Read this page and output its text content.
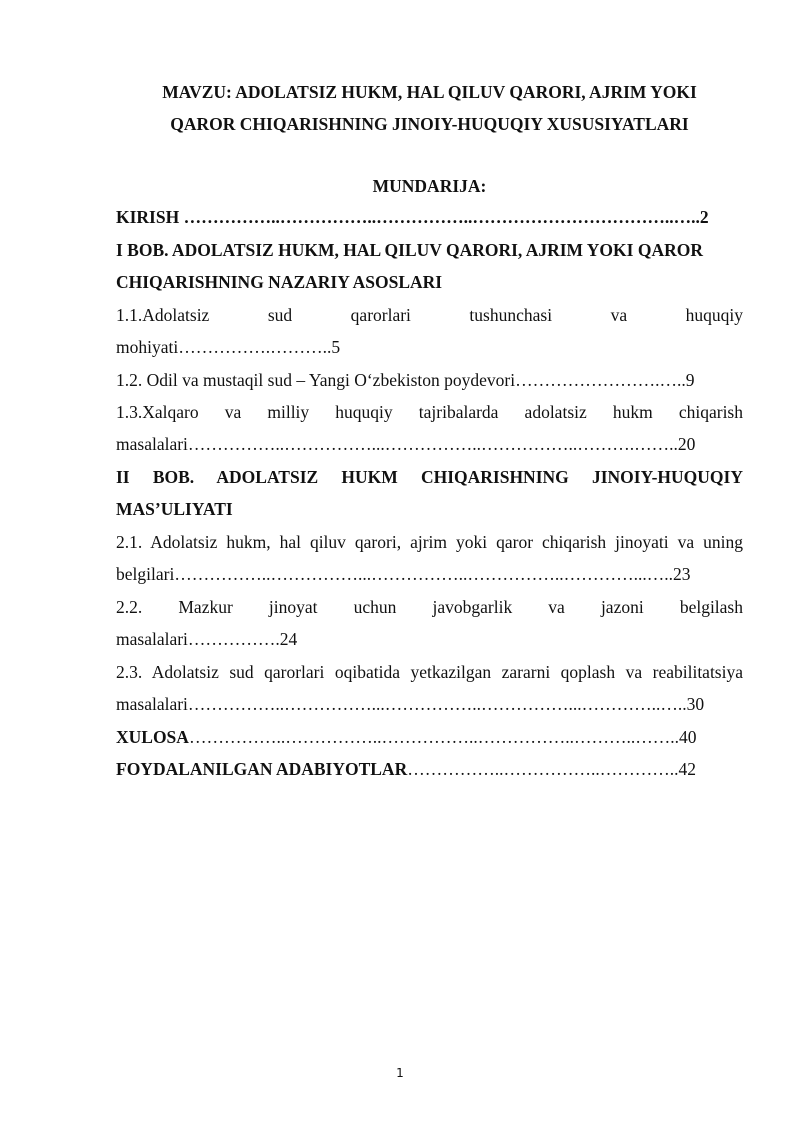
MAVZU: ADOLATSIZ HUKM, HAL QILUV QARORI, AJRIM YOKI
QAROR CHIQARISHNING JINOIY-HUQUQIY XUSUSIYATLARI
MUNDARIJA:
KIRISH ……………..……………..……………..……………………………..…..2
I BOB. ADOLATSIZ HUKM, HAL QILUV QARORI, AJRIM YOKI QAROR
CHIQARISHNING NAZARIY ASOSLARI
1.1.Adolatsiz sud qarorlari tushunchasi va huquqiy
mohiyati…………….………..5
1.2. Odil va mustaqil sud – Yangi O‘zbekiston poydevori…………………….…..9
1.3.Xalqaro va milliy huquqiy tajribalarda adolatsiz hukm chiqarish
masalalari……………..……………...……………..……………..……….……..20
II BOB. ADOLATSIZ HUKM CHIQARISHNING JINOIY-HUQUQIY
MAS’ULIYATI
2.1. Adolatsiz hukm, hal qiluv qarori, ajrim yoki qaror chiqarish jinoyati va uning
belgilari……………..……………...……………..……………..…………...…..23
2.2. Mazkur jinoyat uchun javobgarlik va jazoni belgilash
masalalari…………….24
2.3. Adolatsiz sud qarorlari oqibatida yetkazilgan zararni qoplash va reabilitatsiya
masalalari……………..……………...……………..……………...…………..…..30
XULOSA……………..……………..……………..……………..………..……..40
FOYDALANILGAN ADABIYOTLAR……………..……………..…………..42
1
